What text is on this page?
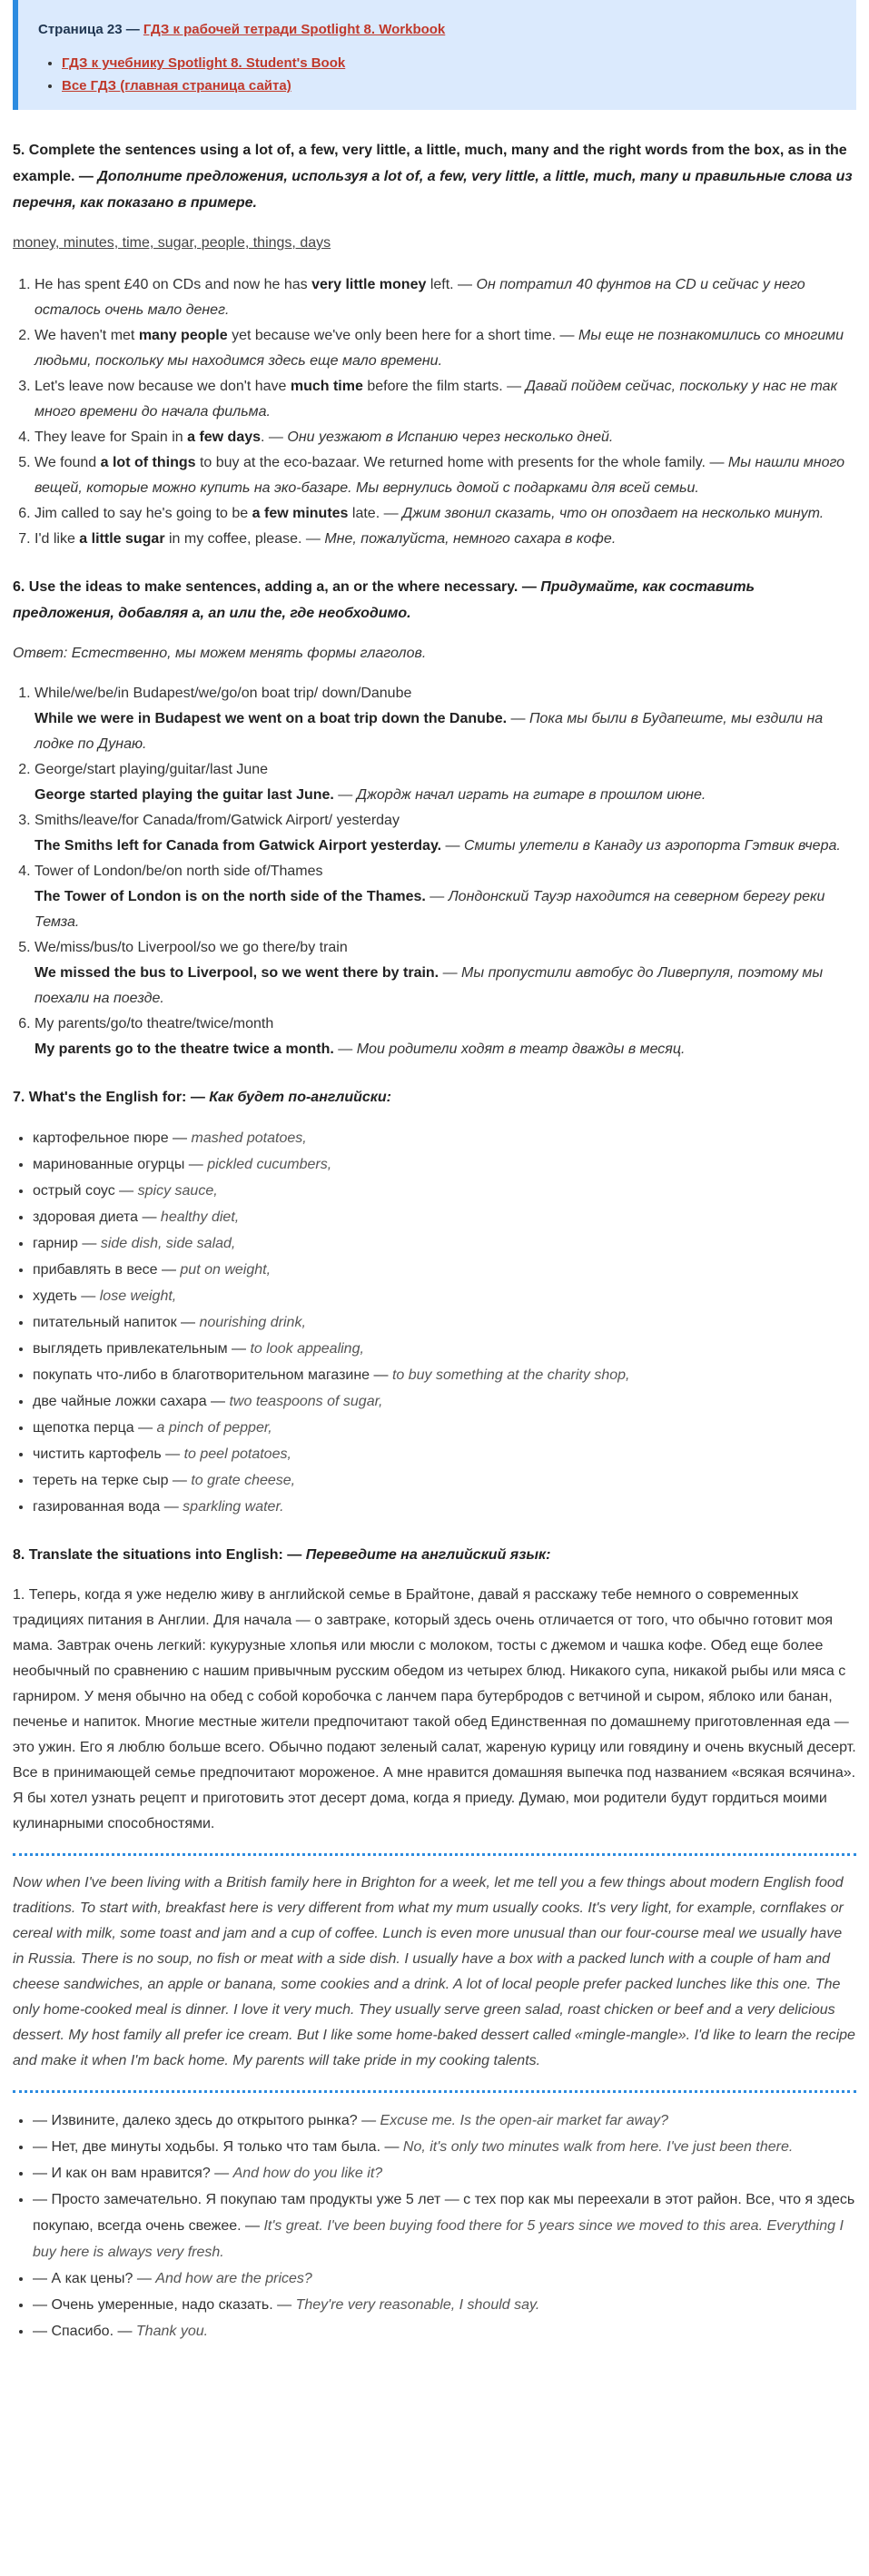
Страница 23 — ГДЗ к рабочей тетради Spotlight 8. Workbook
• ГДЗ к учебнику Spotlight 8. Student's Book
• Все ГДЗ (главная страница сайта)
5. Complete the sentences using a lot of, a few, very little, a little, much, many and the right words from the box, as in the example. — Дополните предложения, используя a lot of, a few, very little, a little, much, many и правильные слова из перечня, как показано в примере.
money, minutes, time, sugar, people, things, days
1. He has spent £40 on CDs and now he has very little money left. — Он потратил 40 фунтов на CD и сейчас у него осталось очень мало денег.
2. We haven't met many people yet because we've only been here for a short time. — Мы еще не познакомились со многими людьми, поскольку мы находимся здесь еще мало времени.
3. Let's leave now because we don't have much time before the film starts. — Давай пойдем сейчас, поскольку у нас не так много времени до начала фильма.
4. They leave for Spain in a few days. — Они уезжают в Испанию через несколько дней.
5. We found a lot of things to buy at the eco-bazaar. We returned home with presents for the whole family. — Мы нашли много вещей, которые можно купить на эко-базаре. Мы вернулись домой с подарками для всей семьи.
6. Jim called to say he's going to be a few minutes late. — Джим звонил сказать, что он опоздает на несколько минут.
7. I'd like a little sugar in my coffee, please. — Мне, пожалуйста, немного сахара в кофе.
6. Use the ideas to make sentences, adding a, an or the where necessary. — Придумайте, как составить предложения, добавляя a, an или the, где необходимо.

Ответ: Естественно, мы можем менять формы глаголов.

1. While/we/be/in Budapest/we/go/on boat trip/ down/Danube
While we were in Budapest we went on a boat trip down the Danube. — Пока мы были в Будапеште, мы ездили на лодке по Дунаю.
2. George/start playing/guitar/last June
George started playing the guitar last June. — Джордж начал играть на гитаре в прошлом июне.
3. Smiths/leave/for Canada/from/Gatwick Airport/ yesterday
The Smiths left for Canada from Gatwick Airport yesterday. — Смиты улетели в Канаду из аэропорта Гэтвик вчера.
4. Tower of London/be/on north side of/Thames
The Tower of London is on the north side of the Thames. — Лондонский Тауэр находится на северном берегу реки Темза.
5. We/miss/bus/to Liverpool/so we go there/by train
We missed the bus to Liverpool, so we went there by train. — Мы пропустили автобус до Ливерпуля, поэтому мы поехали на поезде.
6. My parents/go/to theatre/twice/month
My parents go to the theatre twice a month. — Мои родители ходят в театр дважды в месяц.
7. What's the English for: — Как будет по-английски:
• картофельное пюре — mashed potatoes,
• маринованные огурцы — pickled cucumbers,
• острый соус — spicy sauce,
• здоровая диета — healthy diet,
• гарнир — side dish, side salad,
• прибавлять в весе — put on weight,
• худеть — lose weight,
• питательный напиток — nourishing drink,
• выглядеть привлекательным — to look appealing,
• покупать что-либо в благотворительном магазине — to buy something at the charity shop,
• две чайные ложки сахара — two teaspoons of sugar,
• щепотка перца — a pinch of pepper,
• чистить картофель — to peel potatoes,
• тереть на терке сыр — to grate cheese,
• газированная вода — sparkling water.
8. Translate the situations into English: — Переведите на английский язык:

1. Теперь, когда я уже неделю живу в английской семье в Брайтоне, давай я расскажу тебе немного о современных традициях питания в Англии. Для начала — о завтраке, который здесь очень отличается от того, что обычно готовит моя мама. Завтрак очень легкий: кукурузные хлопья или мюсли с молоком, тосты с джемом и чашка кофе. Обед еще более необычный по сравнению с нашим привычным русским обедом из четырех блюд. Никакого супа, никакой рыбы или мяса с гарниром. У меня обычно на обед с собой коробочка с ланчем пара бутербродов с ветчиной и сыром, яблоко или банан, печенье и напиток. Многие местные жители предпочитают такой обед Единственная по домашнему приготовленная еда — это ужин. Его я люблю больше всего. Обычно подают зеленый салат, жареную курицу или говядину и очень вкусный десерт. Все в принимающей семье предпочитают мороженое. А мне нравится домашняя выпечка под названием «всякая всячина». Я бы хотел узнать рецепт и приготовить этот десерт дома, когда я приеду. Думаю, мои родители будут гордиться моими кулинарными способностями.

Now when I've been living with a British family here in Brighton for a week, let me tell you a few things about modern English food traditions. To start with, breakfast here is very different from what my mum usually cooks. It's very light, for example, cornflakes or cereal with milk, some toast and jam and a cup of coffee. Lunch is even more unusual than our four-course meal we usually have in Russia. There is no soup, no fish or meat with a side dish. I usually have a box with a packed lunch with a couple of ham and cheese sandwiches, an apple or banana, some cookies and a drink. A lot of local people prefer packed lunches like this one. The only home-cooked meal is dinner. I love it very much. They usually serve green salad, roast chicken or beef and a very delicious dessert. My host family all prefer ice cream. But I like some home-baked dessert called «mingle-mangle». I'd like to learn the recipe and make it when I'm back home. My parents will take pride in my cooking talents.

• — Извините, далеко здесь до открытого рынка? — Excuse me. Is the open-air market far away?
• — Нет, две минуты ходьбы. Я только что там была. — No, it's only two minutes walk from here. I've just been there.
• — И как он вам нравится? — And how do you like it?
• — Просто замечательно. Я покупаю там продукты уже 5 лет — с тех пор как мы переехали в этот район. Все, что я здесь покупаю, всегда очень свежее. — It's great. I've been buying food there for 5 years since we moved to this area. Everything I buy here is always very fresh.
• — А как цены? — And how are the prices?
• — Очень умеренные, надо сказать. — They're very reasonable, I should say.
• — Спасибо. — Thank you.
